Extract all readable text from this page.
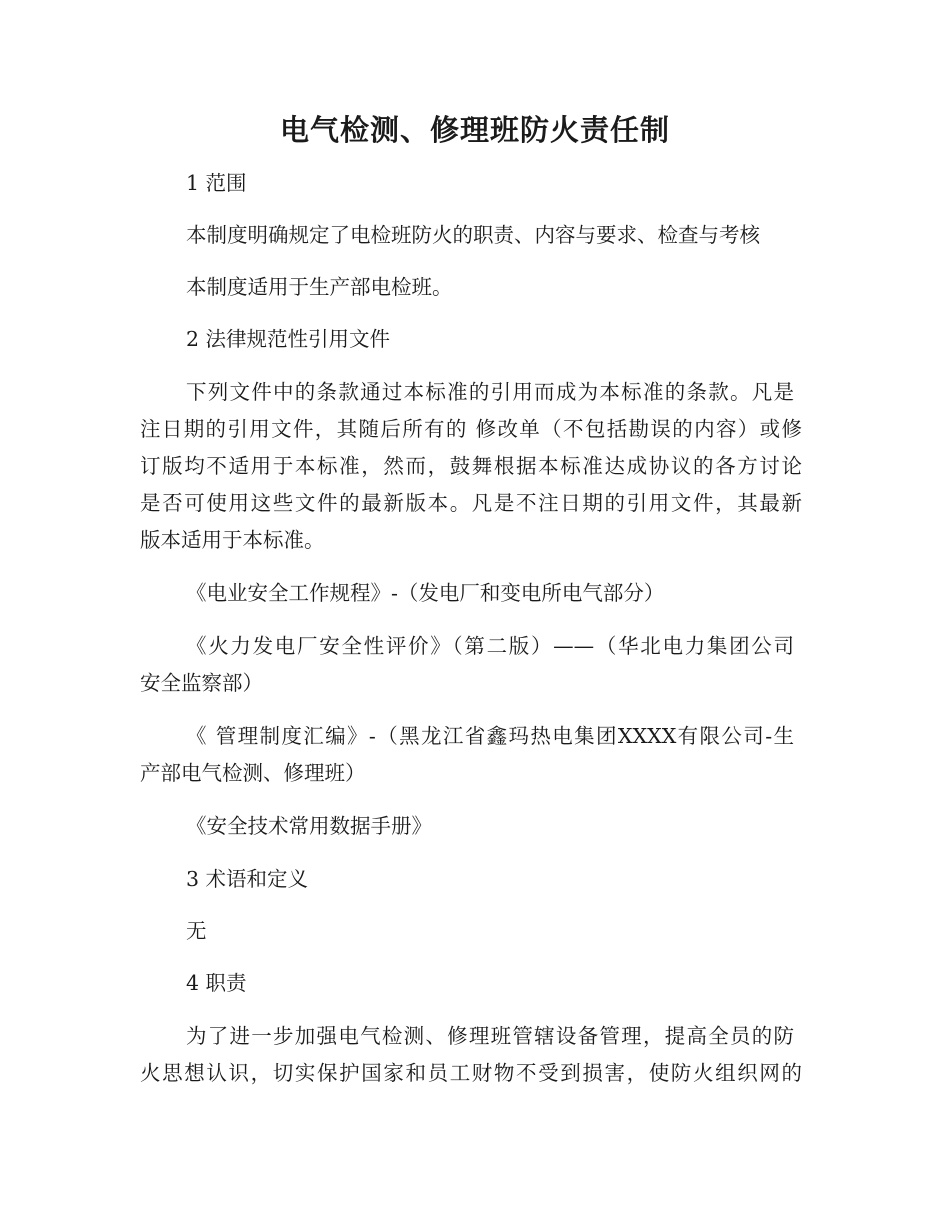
电气检测、修理班防火责任制

1 范围

本制度明确规定了电检班防火的职责、内容与要求、检查与考核

本制度适用于生产部电检班。

2 法律规范性引用文件

下列文件中的条款通过本标准的引用而成为本标准的条款。凡是

注日期的引用文件，其随后所有的 修改单（不包括勘误的内容）或修

订版均不适用于本标准，然而，鼓舞根据本标准达成协议的各方讨论

是否可使用这些文件的最新版本。凡是不注日期的引用文件，其最新

版本适用于本标准。

《电业安全工作规程》-（发电厂和变电所电气部分）

《火力发电厂安全性评价》（第二版）——（华北电力集团公司

安全监察部）

《 管理制度汇编》-（黑龙江省鑫玛热电集团XXXX有限公司-生

产部电气检测、修理班）

《安全技术常用数据手册》

3 术语和定义

无

4 职责

为了进一步加强电气检测、修理班管辖设备管理，提高全员的防

火思想认识，切实保护国家和员工财物不受到损害，使防火组织网的
